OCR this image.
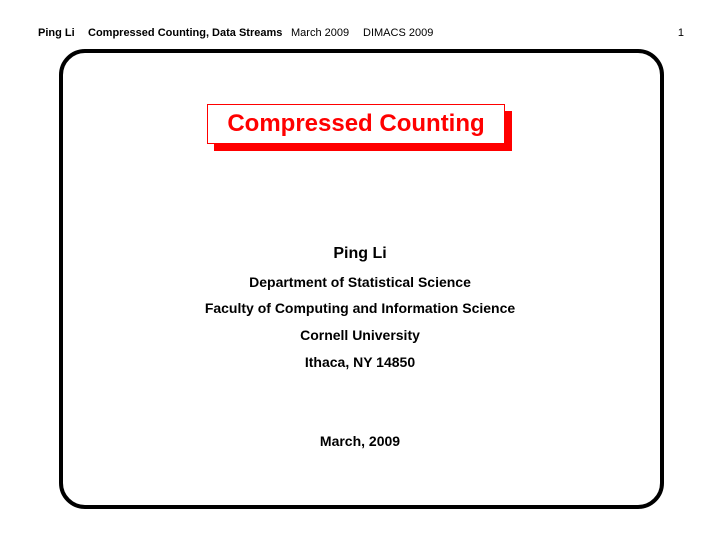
Ping Li Compressed Counting, Data Streams March 2009 DIMACS 2009	1
Compressed Counting
Ping Li
Department of Statistical Science
Faculty of Computing and Information Science
Cornell University
Ithaca, NY 14850
March, 2009
